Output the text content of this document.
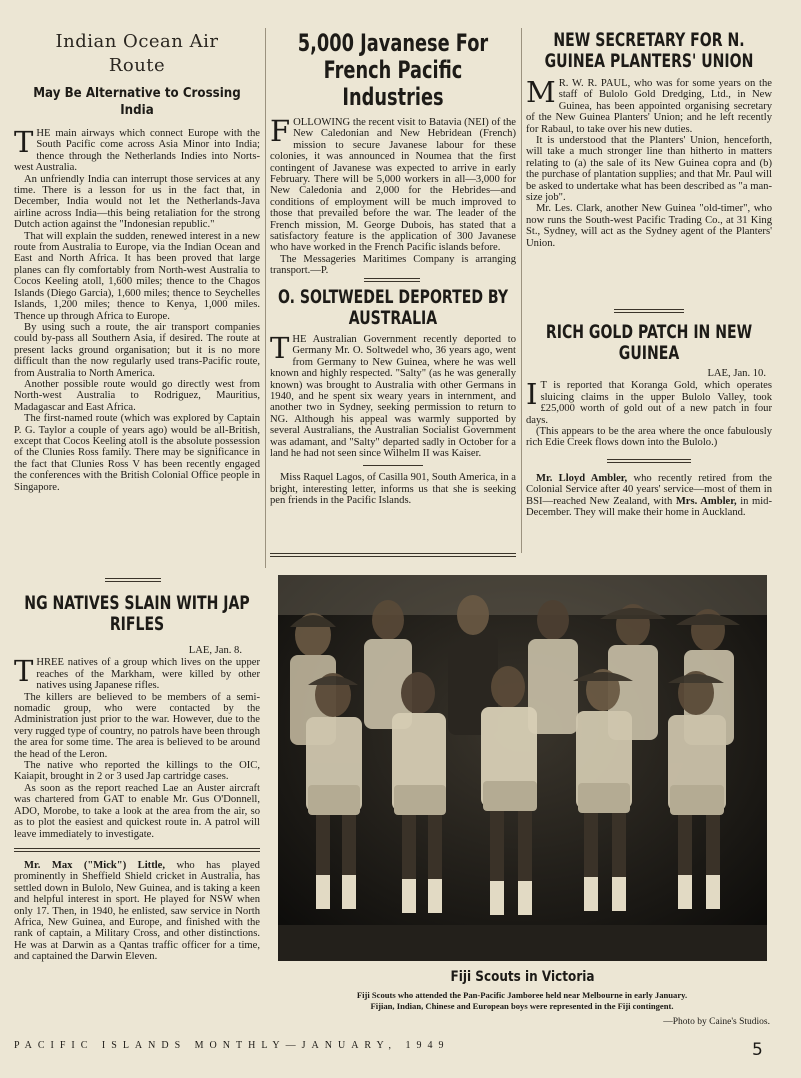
Indian Ocean Air Route
May Be Alternative to Crossing India

THE main airways which connect Europe with the South Pacific come across Asia Minor into India; thence through the Netherlands Indies into Norts-west Australia.

An unfriendly India can interrupt those services at any time. There is a lesson for us in the fact that, in December, India would not let the Netherlands-Java airline across India—this being retaliation for the strong Dutch action against the "Indonesian republic."

That will explain the sudden, renewed interest in a new route from Australia to Europe, via the Indian Ocean and East and North Africa. It has been proved that large planes can fly comfortably from North-west Australia to Cocos Keeling atoll, 1,600 miles; thence to the Chagos Islands (Diego Garcia), 1,600 miles; thence to Seychelles Islands, 1,200 miles; thence to Kenya, 1,000 miles. Thence up through Africa to Europe.

By using such a route, the air transport companies could by-pass all Southern Asia, if desired. The route at present lacks ground organisation; but it is no more difficult than the now regularly used trans-Pacific route, from Australia to North America.

Another possible route would go directly west from North-west Australia to Rodriguez, Mauritius, Madagascar and East Africa.

The first-named route (which was explored by Captain P. G. Taylor a couple of years ago) would be all-British, except that Cocos Keeling atoll is the absolute possession of the Clunies Ross family. There may be significance in the fact that Clunies Ross V has been recently engaged the conferences with the British Colonial Office people in Singapore.

5,000 Javanese For French Pacific Industries

FOLLOWING the recent visit to Batavia (NEI) of the New Caledonian and New Hebridean (French) mission to secure Javanese labour for these colonies, it was announced in Noumea that the first contingent of Javanese was expected to arrive in early February. There will be 5,000 workers in all—3,000 for New Caledonia and 2,000 for the Hebrides—and conditions of employment will be much improved to those that prevailed before the war. The leader of the French mission, M. George Dubois, has stated that a satisfactory feature is the application of 300 Javanese who have worked in the French Pacific islands before.

The Messageries Maritimes Company is arranging transport.—P.

O. SOLTWEDEL DEPORTED BY AUSTRALIA

THE Australian Government recently deported to Germany Mr. O. Soltwedel who, 36 years ago, went from Germany to New Guinea, where he was well known and highly respected. "Salty" (as he was generally known) was brought to Australia with other Germans in 1940, and he spent six weary years in internment, and another two in Sydney, seeking permission to return to NG. Although his appeal was warmly supported by several Australians, the Australian Socialist Government was adamant, and "Salty" departed sadly in October for a land he had not seen since Wilhelm II was Kaiser.

Miss Raquel Lagos, of Casilla 901, South America, in a bright, interesting letter, informs us that she is seeking pen friends in the Pacific Islands.

NEW SECRETARY FOR N. GUINEA PLANTERS' UNION

M R. W. R. PAUL, who was for some years on the staff of Bulolo Gold Dredging, Ltd., in New Guinea, has been appointed organising secretary of the New Guinea Planters' Union; and he left recently for Rabaul, to take over his new duties.

It is understood that the Planters' Union, henceforth, will take a much stronger line than hitherto in matters relating to (a) the sale of its New Guinea copra and (b) the purchase of plantation supplies; and that Mr. Paul will be asked to undertake what has been described as "a man-size job".

Mr. Les. Clark, another New Guinea "old-timer", who now runs the South-west Pacific Trading Co., at 31 King St., Sydney, will act as the Sydney agent of the Planters' Union.

RICH GOLD PATCH IN NEW GUINEA
LAE, Jan. 10.

I T is reported that Koranga Gold, which operates sluicing claims in the upper Bulolo Valley, took £25,000 worth of gold out of a new patch in four days.

(This appears to be the area where the once fabulously rich Edie Creek flows down into the Bulolo.)

Mr. Lloyd Ambler, who recently retired from the Colonial Service after 40 years' service—most of them in BSI—reached New Zealand, with Mrs. Ambler, in mid-December. They will make their home in Auckland.

NG NATIVES SLAIN WITH JAP RIFLES
LAE, Jan. 8.

THREE natives of a group which lives on the upper reaches of the Markham, were killed by other natives using Japanese rifles.

The killers are believed to be members of a semi-nomadic group, who were contacted by the Administration just prior to the war. However, due to the very rugged type of country, no patrols have been through the area for some time. The area is believed to be around the head of the Leron.

The native who reported the killings to the OIC, Kaiapit, brought in 2 or 3 used Jap cartridge cases.

As soon as the report reached Lae an Auster aircraft was chartered from GAT to enable Mr. Gus O'Donnell, ADO, Morobe, to take a look at the area from the air, so as to plot the easiest and quickest route in. A patrol will leave immediately to investigate.

Mr. Max ("Mick") Little, who has played prominently in Sheffield Shield cricket in Australia, has settled down in Bulolo, New Guinea, and is taking a keen and helpful interest in sport. He played for NSW when only 17. Then, in 1940, he enlisted, saw service in North Africa, New Guinea, and Europe, and finished with the rank of captain, a Military Cross, and other distinctions. He was at Darwin as a Qantas traffic officer for a time, and captained the Darwin Eleven.

Fiji Scouts in Victoria
Fiji Scouts who attended the Pan-Pacific Jamboree held near Melbourne in early January.
Fijian, Indian, Chinese and European boys were represented in the Fiji contingent.
—Photo by Caine's Studios.
PACIFIC ISLANDS MONTHLY—JANUARY, 1949	5
